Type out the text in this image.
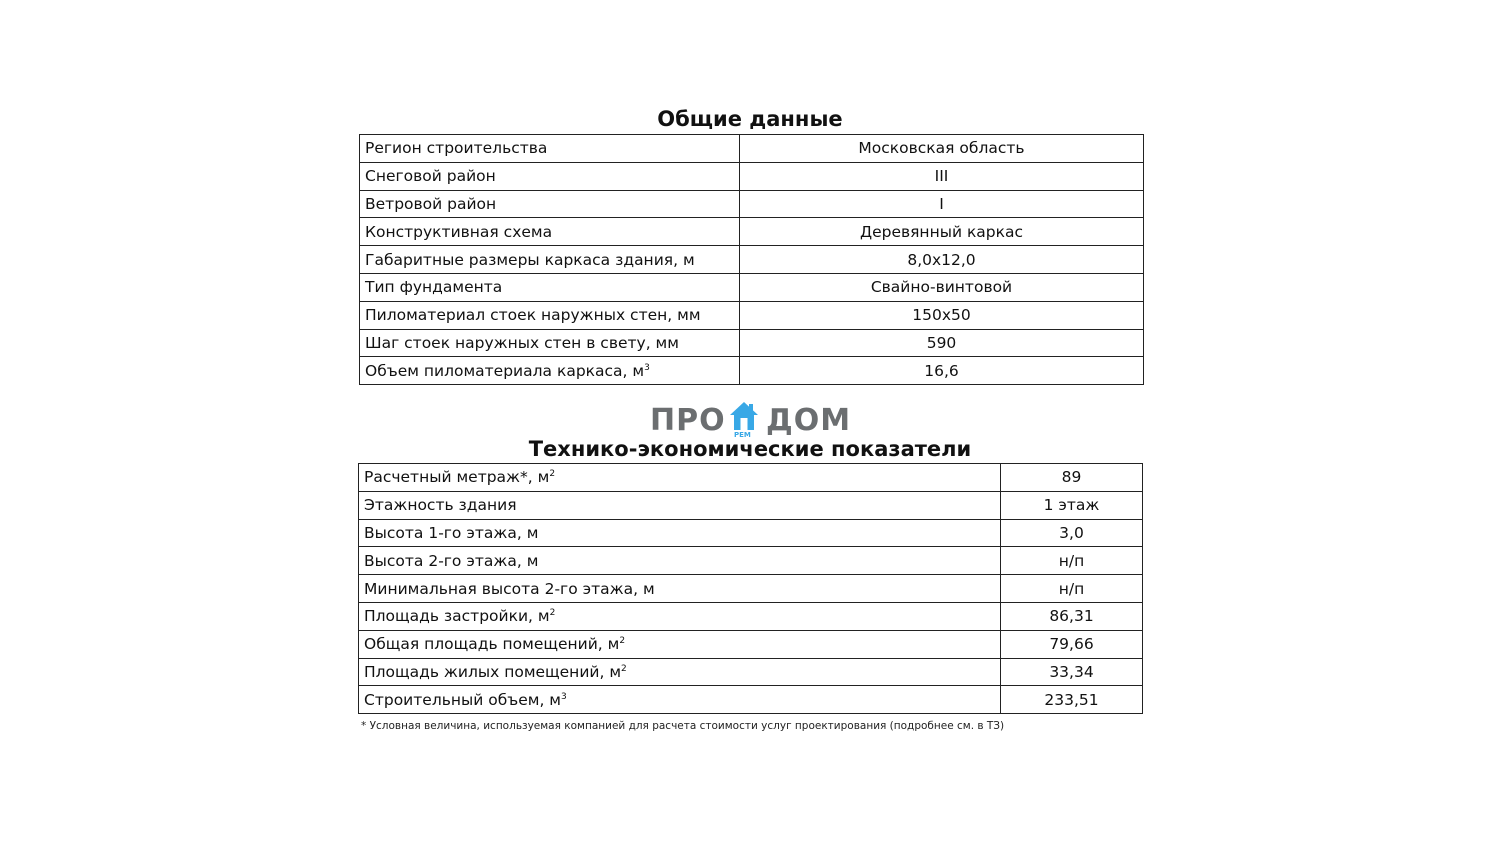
Общие данные
Регион строительства	Московская область
Снеговой район	III
Ветровой район	I
Конструктивная схема	Деревянный каркас
Габаритные размеры каркаса здания, м	8,0х12,0
Тип фундамента	Свайно-винтовой
Пиломатериал стоек наружных стен, мм	150х50
Шаг стоек наружных стен в свету, мм	590
Объем пиломатериала каркаса, $м^3$	16,6
ПРО РЕМ ДОМ
Технико-экономические показатели
Расчетный метраж*, $м^2$	89
Этажность здания	1 этаж
Высота 1-го этажа, м	3,0
Высота 2-го этажа, м	н/п
Минимальная высота 2-го этажа, м	н/п
Площадь застройки, $м^2$	86,31
Общая площадь помещений, $м^2$	79,66
Площадь жилых помещений, $м^2$	33,34
Строительный объем, $м^3$	233,51
* Условная величина, используемая компанией для расчета стоимости услуг проектирования (подробнее см. в ТЗ)
